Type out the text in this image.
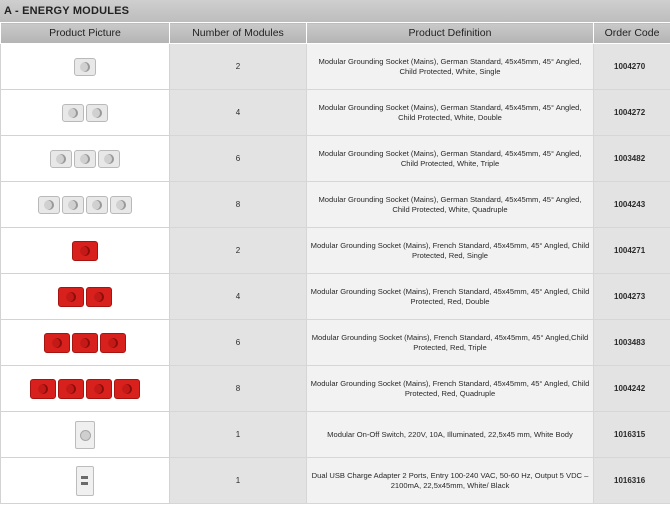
A - ENERGY MODULES
Product Picture	Number of Modules	Product Definition	Order Code

	2	Modular Grounding Socket (Mains), German Standard, 45x45mm, 45° Angled, Child Protected, White, Single	1004270

	4	Modular Grounding Socket (Mains), German Standard, 45x45mm, 45° Angled, Child Protected, White, Double	1004272

	6	Modular Grounding Socket (Mains), German Standard, 45x45mm, 45° Angled, Child Protected, White, Triple	1003482

	8	Modular Grounding Socket (Mains), German Standard, 45x45mm, 45° Angled, Child Protected, White, Quadruple	1004243

	2	Modular Grounding Socket (Mains), French Standard, 45x45mm, 45° Angled, Child Protected, Red, Single	1004271

	4	Modular Grounding Socket (Mains), French Standard, 45x45mm, 45° Angled, Child Protected, Red, Double	1004273

	6	Modular Grounding Socket (Mains), French Standard, 45x45mm, 45° Angled,Child Protected, Red, Triple	1003483

	8	Modular Grounding Socket (Mains), French Standard, 45x45mm, 45° Angled, Child Protected, Red, Quadruple	1004242
	1	Modular On-Off Switch, 220V, 10A, Illuminated, 22,5x45 mm, White Body	1016315
	1	Dual USB Charge Adapter 2 Ports, Entry 100-240 VAC, 50-60 Hz, Output 5 VDC – 2100mA, 22,5x45mm, White/ Black	1016316
